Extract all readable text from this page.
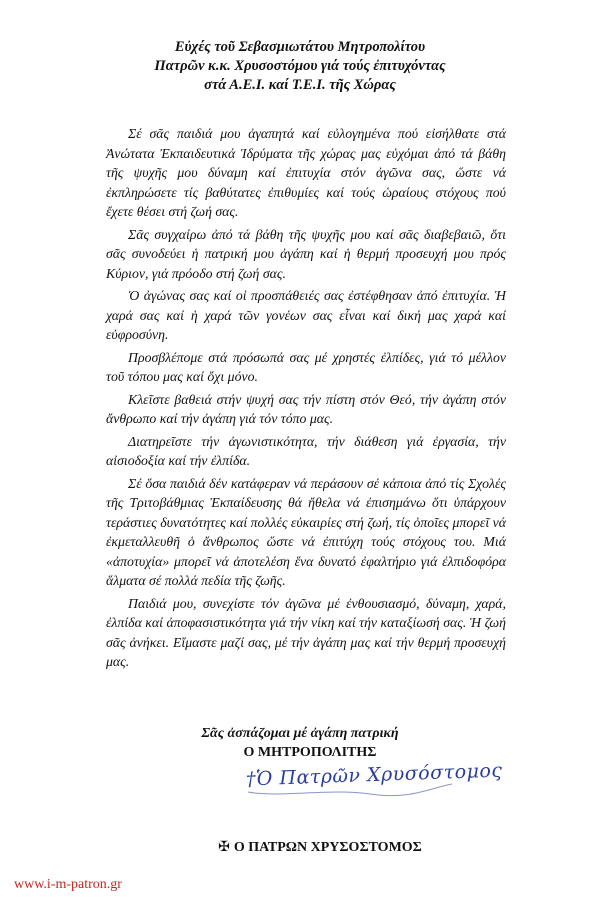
Εὐχές τοῦ Σεβασμιωτάτου Μητροπολίτου
Πατρῶν κ.κ. Χρυσοστόμου γιά τούς ἐπιτυχόντας
στά Α.Ε.Ι. καί Τ.Ε.Ι. τῆς Χώρας

Σέ σᾶς παιδιά μου ἀγαπητά καί εὐλογημένα πού εἰσήλθατε στά Ἀνώτατα Ἐκπαιδευτικά Ἱδρύματα τῆς χώρας μας εὐχόμαι ἀπό τά βάθη τῆς ψυχῆς μου δύναμη καί ἐπιτυχία στόν ἀγῶνα σας, ὥστε νά ἐκπληρώσετε τίς βαθύτατες ἐπιθυμίες καί τούς ὡραίους στόχους πού ἔχετε θέσει στή ζωή σας.

Σᾶς συγχαίρω ἀπό τά βάθη τῆς ψυχῆς μου καί σᾶς διαβεβαιῶ, ὅτι σᾶς συνοδεύει ἡ πατρική μου ἀγάπη καί ἡ θερμή προσευχή μου πρός Κύριον, γιά πρόοδο στή ζωή σας.

Ὁ ἀγώνας σας καί οἱ προσπάθειές σας ἐστέφθησαν ἀπό ἐπιτυχία. Ἡ χαρά σας καί ἡ χαρά τῶν γονέων σας εἶναι καί δική μας χαρά καί εὐφροσύνη.

Προσβλέπομε στά πρόσωπά σας μέ χρηστές ἐλπίδες, γιά τό μέλλον τοῦ τόπου μας καί ὄχι μόνο.

Κλεῖστε βαθειά στήν ψυχή σας τήν πίστη στόν Θεό, τήν ἀγάπη στόν ἄνθρωπο καί τήν ἀγάπη γιά τόν τόπο μας.

Διατηρεῖστε τήν ἀγωνιστικότητα, τήν διάθεση γιά ἐργασία, τήν αἰσιοδοξία καί τήν ἐλπίδα.

Σέ ὅσα παιδιά δέν κατάφεραν νά περάσουν σέ κάποια ἀπό τίς Σχολές τῆς Τριτοβάθμιας Ἐκπαίδευσης θά ἤθελα νά ἐπισημάνω ὅτι ὑπάρχουν τεράστιες δυνατότητες καί πολλές εὐκαιρίες στή ζωή, τίς ὁποῖες μπορεῖ νά ἐκμεταλλευθῆ ὁ ἄνθρωπος ὥστε νά ἐπιτύχη τούς στόχους του. Μιά «ἀποτυχία» μπορεῖ νά ἀποτελέση ἕνα δυνατό ἐφαλτήριο γιά ἐλπιδοφόρα ἅλματα σέ πολλά πεδία τῆς ζωῆς.

Παιδιά μου, συνεχίστε τόν ἀγῶνα μέ ἐνθουσιασμό, δύναμη, χαρά, ἐλπίδα καί ἀποφασιστικότητα γιά τήν νίκη καί τήν καταξίωσή σας. Ἡ ζωή σᾶς ἀνήκει. Εἴμαστε μαζί σας, μέ τήν ἀγάπη μας καί τήν θερμή προσευχή μας.

Σᾶς ἀσπάζομαι μέ ἀγάπη πατρική
Ο ΜΗΤΡΟΠΟΛΙΤΗΣ
†Ὁ Πατρῶν Χρυσόστομος
✠ Ο ΠΑΤΡΩΝ ΧΡΥΣΟΣΤΟΜΟΣ
www.i-m-patron.gr
